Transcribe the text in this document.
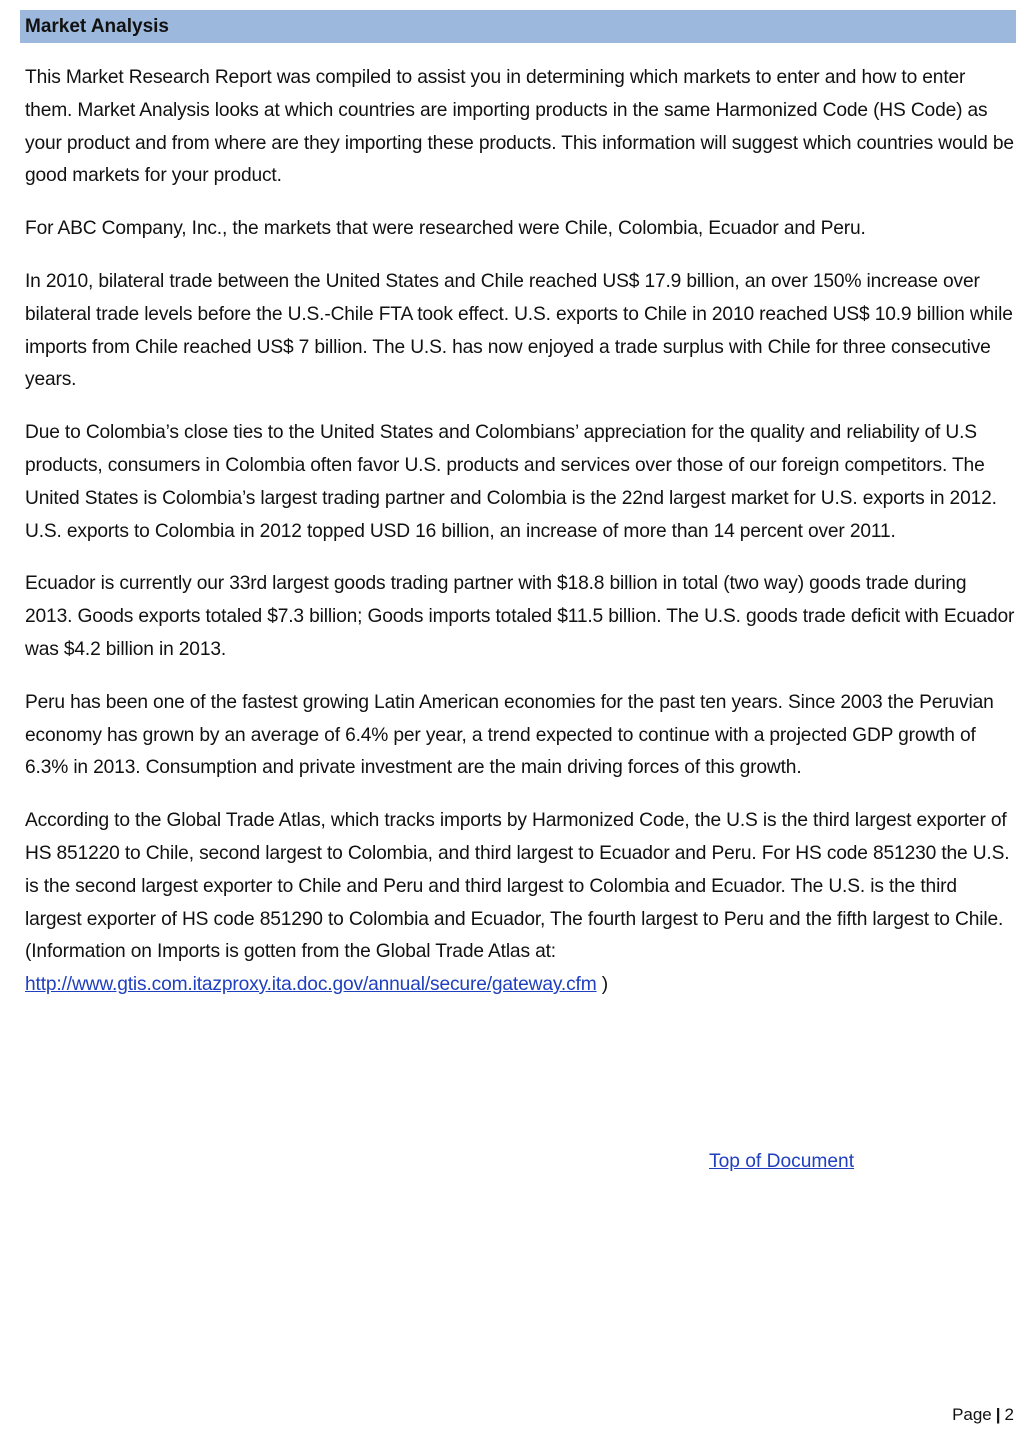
Market Analysis

This Market Research Report was compiled to assist you in determining which markets to enter and how to enter them. Market Analysis looks at which countries are importing products in the same Harmonized Code (HS Code) as your product and from where are they importing these products. This information will suggest which countries would be good markets for your product.

For ABC Company, Inc., the markets that were researched were Chile, Colombia, Ecuador and Peru.

In 2010, bilateral trade between the United States and Chile reached US$ 17.9 billion, an over 150% increase over bilateral trade levels before the U.S.-Chile FTA took effect. U.S. exports to Chile in 2010 reached US$ 10.9 billion while imports from Chile reached US$ 7 billion. The U.S. has now enjoyed a trade surplus with Chile for three consecutive years.

Due to Colombia’s close ties to the United States and Colombians’ appreciation for the quality and reliability of U.S products, consumers in Colombia often favor U.S. products and services over those of our foreign competitors. The United States is Colombia’s largest trading partner and Colombia is the 22nd largest market for U.S. exports in 2012. U.S. exports to Colombia in 2012 topped USD 16 billion, an increase of more than 14 percent over 2011.

Ecuador is currently our 33rd largest goods trading partner with $18.8 billion in total (two way) goods trade during 2013. Goods exports totaled $7.3 billion; Goods imports totaled $11.5 billion. The U.S. goods trade deficit with Ecuador was $4.2 billion in 2013.

Peru has been one of the fastest growing Latin American economies for the past ten years. Since 2003 the Peruvian economy has grown by an average of 6.4% per year, a trend expected to continue with a projected GDP growth of 6.3% in 2013. Consumption and private investment are the main driving forces of this growth.

According to the Global Trade Atlas, which tracks imports by Harmonized Code, the U.S is the third largest exporter of HS 851220 to Chile, second largest to Colombia, and third largest to Ecuador and Peru. For HS code 851230 the U.S. is the second largest exporter to Chile and Peru and third largest to Colombia and Ecuador. The U.S. is the third largest exporter of HS code 851290 to Colombia and Ecuador, The fourth largest to Peru and the fifth largest to Chile. (Information on Imports is gotten from the Global Trade Atlas at: http://www.gtis.com.itazproxy.ita.doc.gov/annual/secure/gateway.cfm )

Top of Document
Page | 2
